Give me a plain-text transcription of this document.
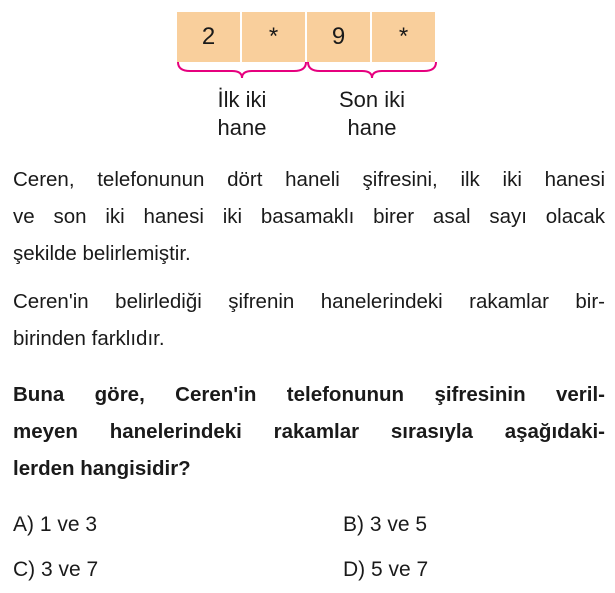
2	*	9	*
İlk iki
hane
Son iki
hane
Ceren, telefonunun dört haneli şifresini, ilk iki hanesi
ve son iki hanesi iki basamaklı birer asal sayı olacak
şekilde belirlemiştir.
Ceren'in belirlediği şifrenin hanelerindeki rakamlar bir-
birinden farklıdır.
Buna göre, Ceren'in telefonunun şifresinin veril-
meyen hanelerindeki rakamlar sırasıyla aşağıdaki-
lerden hangisidir?
A) 1 ve 3	B) 3 ve 5
C) 3 ve 7	D) 5 ve 7
